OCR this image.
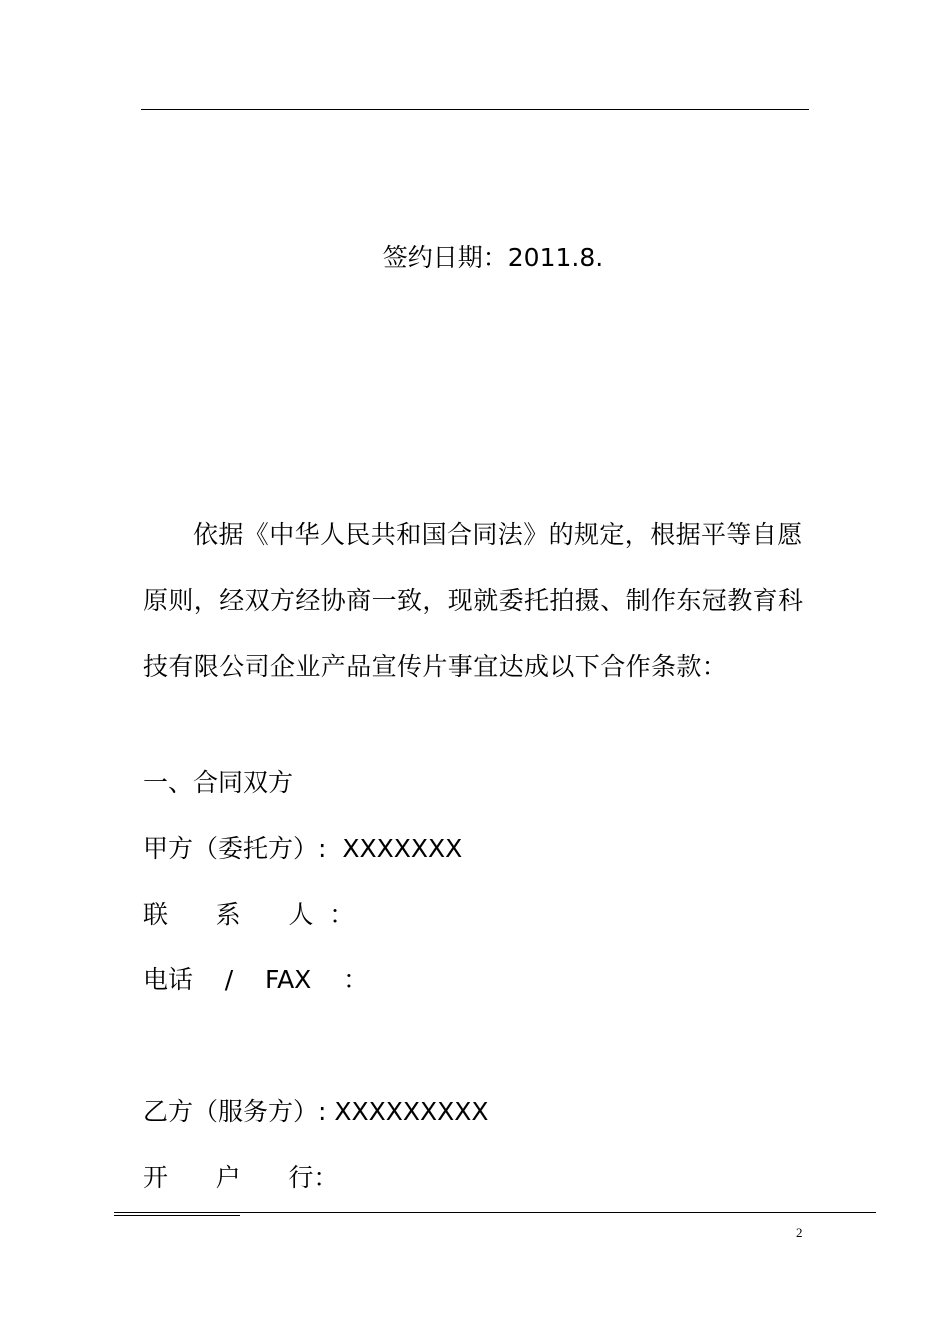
签约日期：2011.8.
依据《中华人民共和国合同法》的规定，根据平等自愿原则，经双方经协商一致，现就委托拍摄、制作东冠教育科技有限公司企业产品宣传片事宜达成以下合作条款：
一、合同双方
甲方（委托方）:  XXXXXXX
联      系      人  ：
电话    /    FAX    ：
乙方（服务方）: XXXXXXXXX
开      户      行：
2
